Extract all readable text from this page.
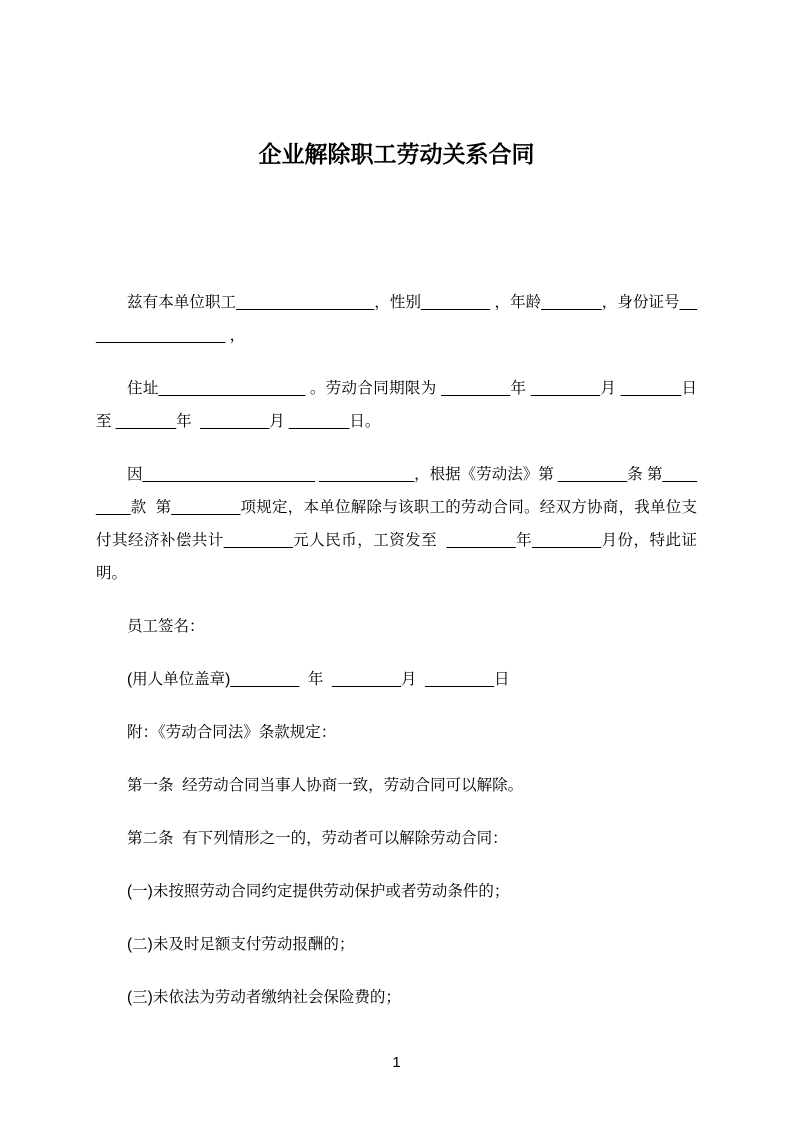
企业解除职工劳动关系合同

兹有本单位职工________________，性别________ ，年龄_______，身份证号_________________ ，

住址_________________ 。劳动合同期限为 ________年 ________月 _______日 至 _______年  ________月 _______日。

因____________________ ___________，根据《劳动法》第 ________条 第________款  第________项规定，本单位解除与该职工的劳动合同。经双方协商，我单位支付其经济补偿共计________元人民币，工资发至  ________年________月份，特此证明。

员工签名：

(用人单位盖章)________  年  ________月  ________日

附：《劳动合同法》条款规定：

第一条  经劳动合同当事人协商一致，劳动合同可以解除。

第二条  有下列情形之一的，劳动者可以解除劳动合同：

(一)未按照劳动合同约定提供劳动保护或者劳动条件的；

(二)未及时足额支付劳动报酬的；

(三)未依法为劳动者缴纳社会保险费的；

1
